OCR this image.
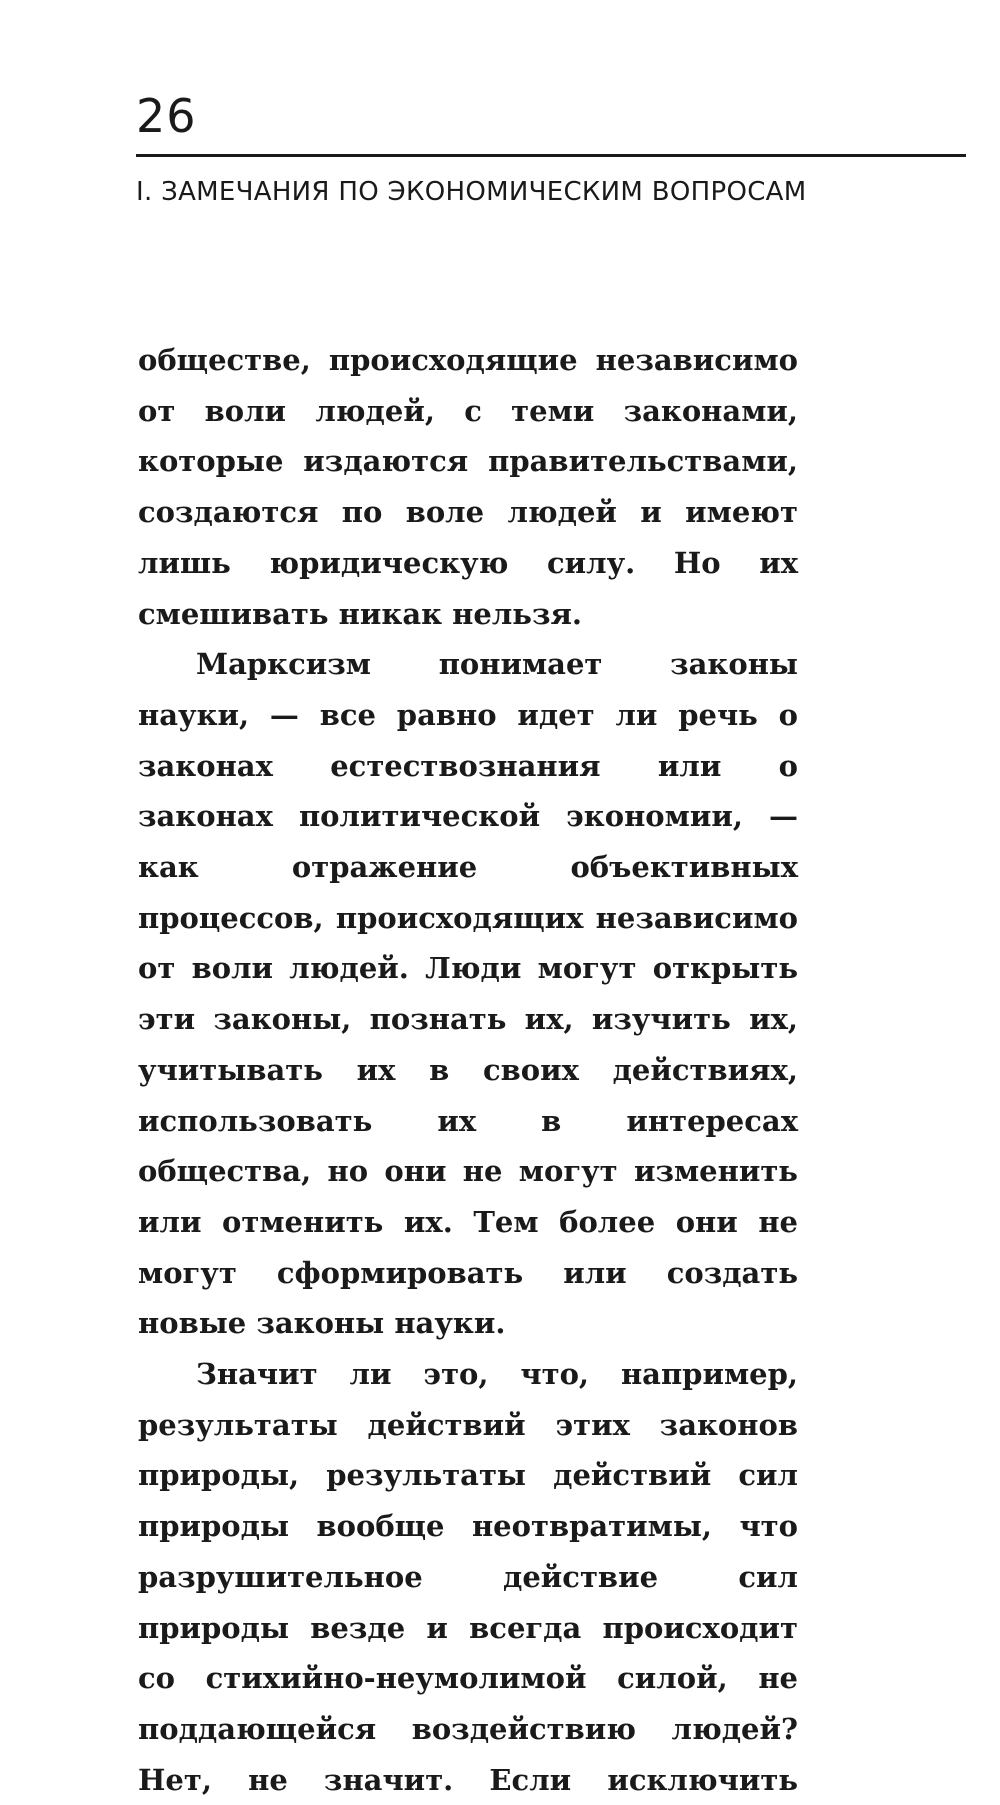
26
I. ЗАМЕЧАНИЯ ПО ЭКОНОМИЧЕСКИМ ВОПРОСАМ

обществе, происходящие независимо от воли людей, с теми законами, которые издаются правительствами, создаются по воле людей и имеют лишь юридическую силу. Но их смешивать никак нельзя.

Марксизм понимает законы науки, — все равно идет ли речь о законах естествознания или о законах политической экономии, — как отражение объективных процессов, происходящих независимо от воли людей. Люди могут открыть эти законы, познать их, изучить их, учитывать их в своих действиях, использовать их в интересах общества, но они не могут изменить или отменить их. Тем более они не могут сформировать или создать новые законы науки.

Значит ли это, что, например, результаты действий этих законов природы, результаты действий сил природы вообще неотвратимы, что разрушительное действие сил природы везде и всегда происходит со стихийно-неумолимой силой, не поддающейся воздействию людей? Нет, не значит. Если исключить
